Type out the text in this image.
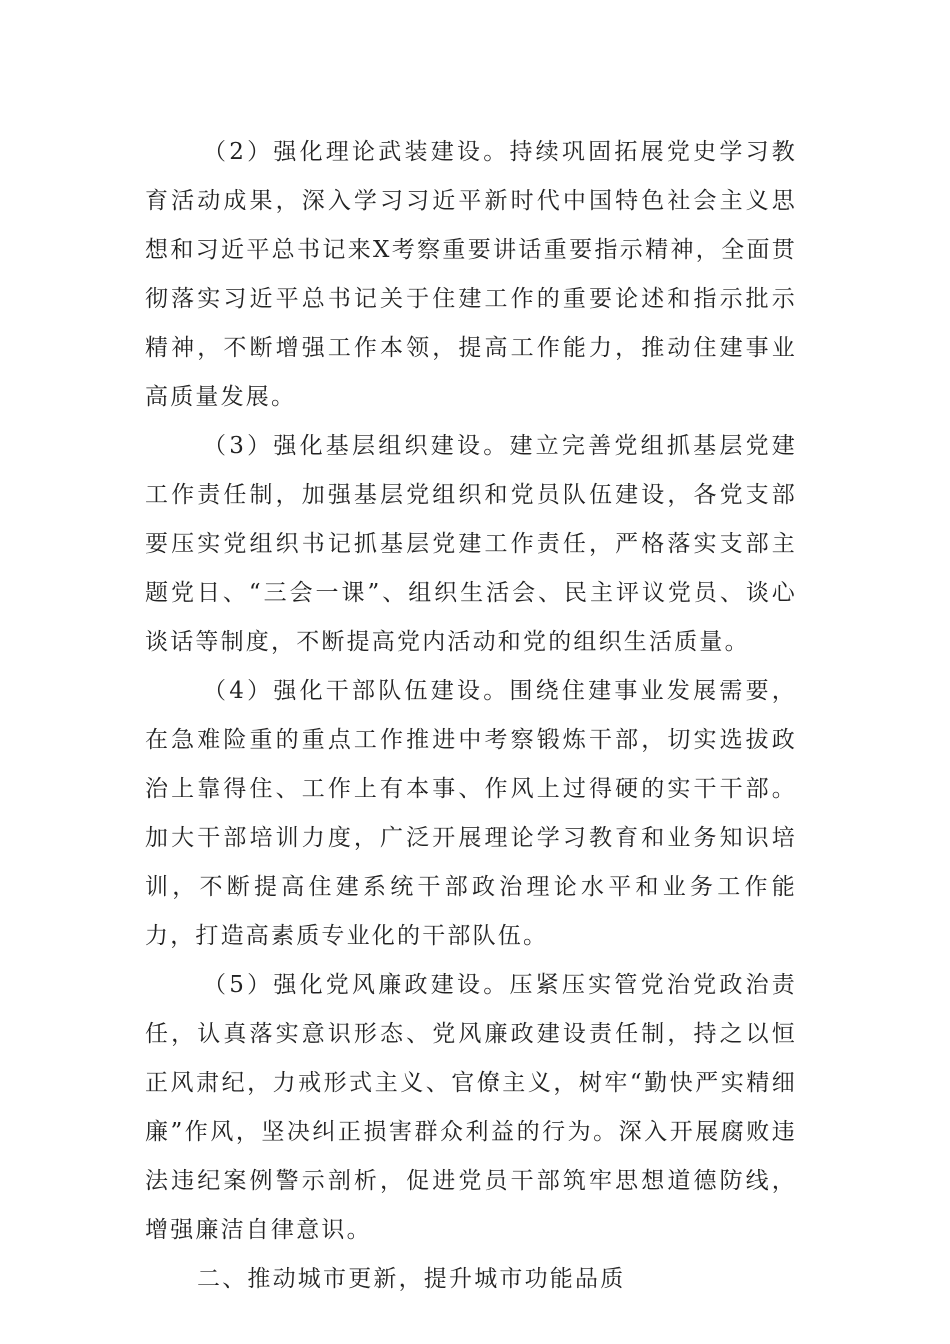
（2）强化理论武装建设。持续巩固拓展党史学习教育活动成果，深入学习习近平新时代中国特色社会主义思想和习近平总书记来X考察重要讲话重要指示精神，全面贯彻落实习近平总书记关于住建工作的重要论述和指示批示精神，不断增强工作本领，提高工作能力，推动住建事业高质量发展。

（3）强化基层组织建设。建立完善党组抓基层党建工作责任制，加强基层党组织和党员队伍建设，各党支部要压实党组织书记抓基层党建工作责任，严格落实支部主题党日、“三会一课”、组织生活会、民主评议党员、谈心谈话等制度，不断提高党内活动和党的组织生活质量。

（4）强化干部队伍建设。围绕住建事业发展需要，在急难险重的重点工作推进中考察锻炼干部，切实选拔政治上靠得住、工作上有本事、作风上过得硬的实干干部。加大干部培训力度，广泛开展理论学习教育和业务知识培训，不断提高住建系统干部政治理论水平和业务工作能力，打造高素质专业化的干部队伍。

（5）强化党风廉政建设。压紧压实管党治党政治责任，认真落实意识形态、党风廉政建设责任制，持之以恒正风肃纪，力戒形式主义、官僚主义，树牢“勤快严实精细廉”作风，坚决纠正损害群众利益的行为。深入开展腐败违法违纪案例警示剖析，促进党员干部筑牢思想道德防线，增强廉洁自律意识。

二、推动城市更新，提升城市功能品质
